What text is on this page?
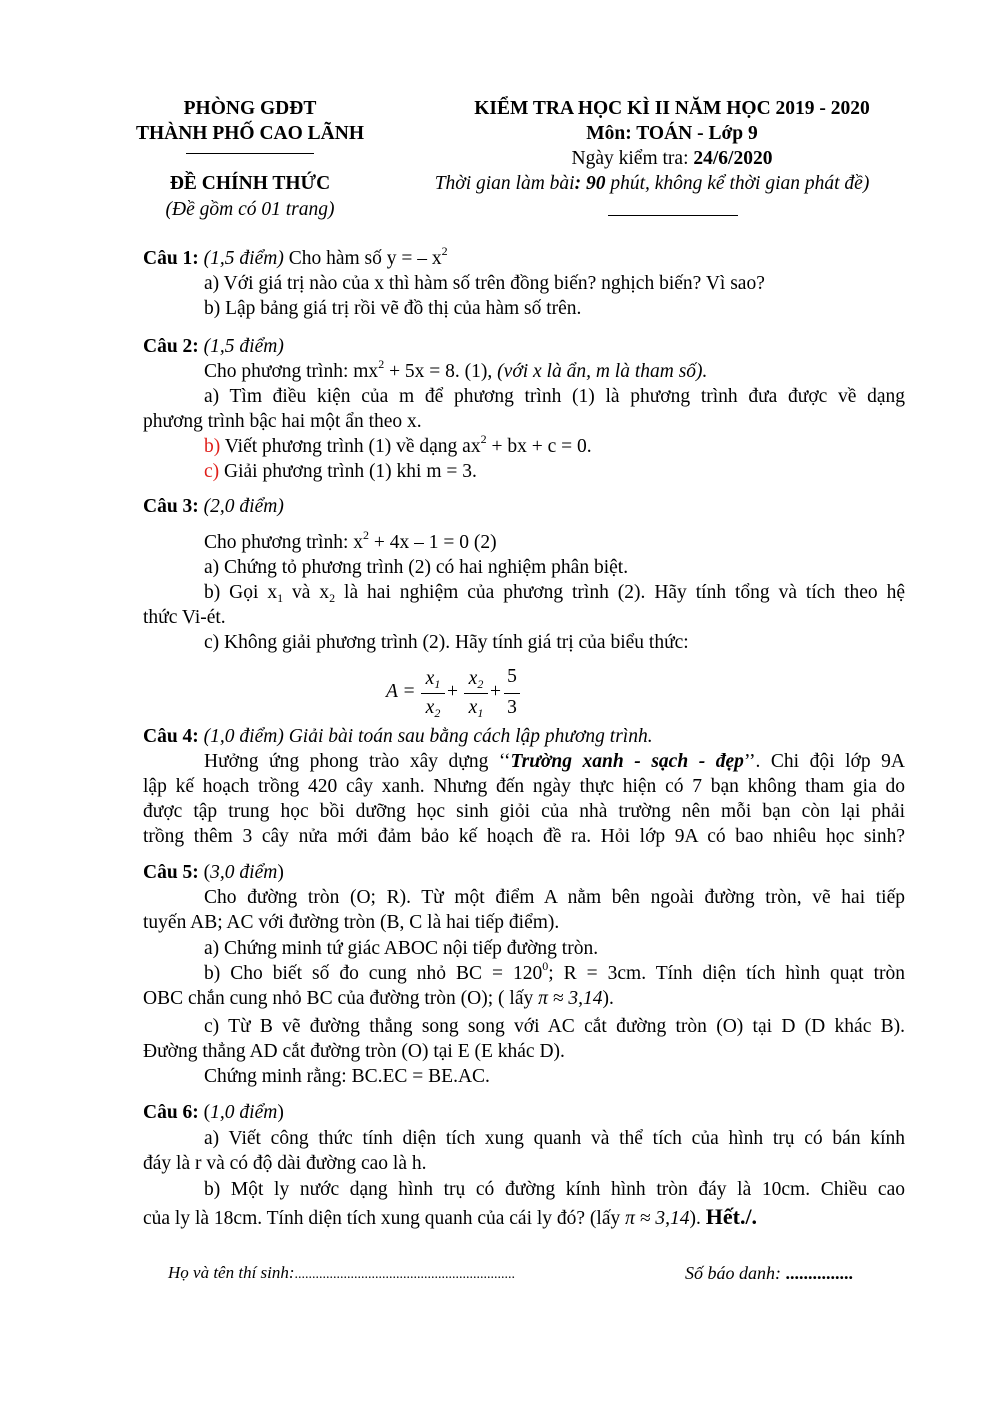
PHÒNG GDĐT
THÀNH PHỐ CAO LÃNH
ĐỀ CHÍNH THỨC
(Đề gồm có 01 trang)
KIỂM TRA HỌC KÌ II NĂM HỌC 2019 - 2020
Môn: TOÁN - Lớp 9
Ngày kiểm tra: 24/6/2020
Thời gian làm bài: 90 phút, không kể thời gian phát đề)
Câu 1: (1,5 điểm) Cho hàm số y = – $x^2$
a) Với giá trị nào của x thì hàm số trên đồng biến? nghịch biến? Vì sao?
b) Lập bảng giá trị rồi vẽ đồ thị của hàm số trên.
Câu 2: (1,5 điểm)
Cho phương trình: $mx^2 + 5x = 8$. (1), (với x là ẩn, m là tham số).
a) Tìm điều kiện của m để phương trình (1) là phương trình đưa được về dạng
phương trình bậc hai một ẩn theo x.
b) Viết phương trình (1) về dạng $ax^2$ + bx + c = 0.
c) Giải phương trình (1) khi m = 3.
Câu 3: (2,0 điểm)
Cho phương trình: $x^2 + 4x - 1 = 0$ (2)
a) Chứng tỏ phương trình (2) có hai nghiệm phân biệt.
b) Gọi $x_1$ và $x_2$ là hai nghiệm của phương trình (2). Hãy tính tổng và tích theo hệ
thức Vi-ét.
c) Không giải phương trình (2). Hãy tính giá trị của biểu thức:
A =
$x_1$
$x_2$
+
$x_2$
$x_1$
+
5
3
Câu 4: (1,0 điểm) Giải bài toán sau bằng cách lập phương trình.
Hưởng ứng phong trào xây dựng ‘‘Trường xanh - sạch - đẹp’’. Chi đội lớp 9A
lập kế hoạch trồng 420 cây xanh. Nhưng đến ngày thực hiện có 7 bạn không tham gia do
được tập trung học bồi dưỡng học sinh giỏi của nhà trường nên mỗi bạn còn lại phải
trồng thêm 3 cây nửa mới đảm bảo kế hoạch đề ra. Hỏi lớp 9A có bao nhiêu học sinh?
Câu 5: (3,0 điểm)
Cho đường tròn (O; R). Từ một điểm A nằm bên ngoài đường tròn, vẽ hai tiếp
tuyến AB; AC với đường tròn (B, C là hai tiếp điểm).
a) Chứng minh tứ giác ABOC nội tiếp đường tròn.
b) Cho biết số đo cung nhỏ BC = $120^0$; R = 3cm. Tính diện tích hình quạt tròn
OBC chắn cung nhỏ BC của đường tròn (O); ( lấy π ≈ 3,14).
c) Từ B vẽ đường thẳng song song với AC cắt đường tròn (O) tại D (D khác B).
Đường thẳng AD cắt đường tròn (O) tại E (E khác D).
Chứng minh rằng: BC.EC = BE.AC.
Câu 6: (1,0 điểm)
a) Viết công thức tính diện tích xung quanh và thể tích của hình trụ có bán kính
đáy là r và có độ dài đường cao là h.
b) Một ly nước dạng hình trụ có đường kính hình tròn đáy là 10cm. Chiều cao
của ly là 18cm. Tính diện tích xung quanh của cái ly đó? (lấy π ≈ 3,14). Hết./.
Họ và tên thí sinh:...............................................................	Số báo danh: ...............
